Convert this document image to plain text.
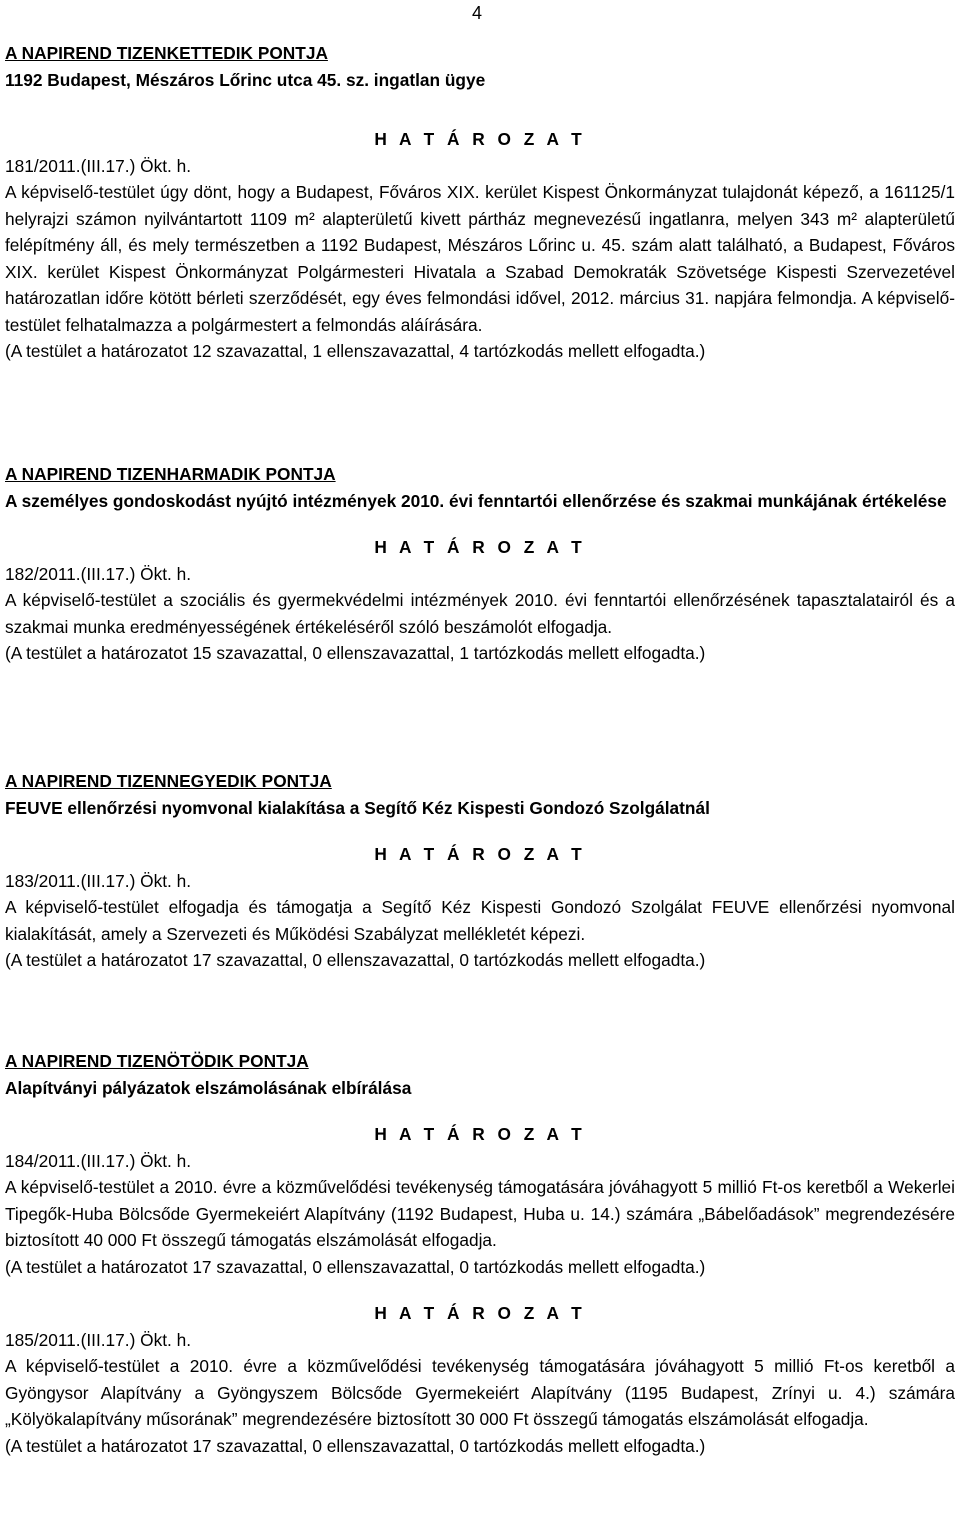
4
A NAPIREND TIZENKETTEDIK PONTJA
1192 Budapest, Mészáros Lőrinc utca 45. sz. ingatlan ügye
H A T Á R O Z A T
181/2011.(III.17.) Ökt. h.

A képviselő-testület úgy dönt, hogy a Budapest, Főváros XIX. kerület Kispest Önkormányzat tulajdonát képező, a 161125/1 helyrajzi számon nyilvántartott 1109 m² alapterületű kivett pártház megnevezésű ingatlanra, melyen 343 m² alapterületű felépítmény áll, és mely természetben a 1192 Budapest, Mészáros Lőrinc u. 45. szám alatt található, a Budapest, Főváros XIX. kerület Kispest Önkormányzat Polgármesteri Hivatala a Szabad Demokraták Szövetsége Kispesti Szervezetével határozatlan időre kötött bérleti szerződését, egy éves felmondási idővel, 2012. március 31. napjára felmondja. A képviselő-testület felhatalmazza a polgármestert a felmondás aláírására.

(A testület a határozatot 12 szavazattal, 1 ellenszavazattal, 4 tartózkodás mellett elfogadta.)

A NAPIREND TIZENHARMADIK PONTJA
A személyes gondoskodást nyújtó intézmények 2010. évi fenntartói ellenőrzése és szakmai munkájának értékelése
H A T Á R O Z A T
182/2011.(III.17.) Ökt. h.

A képviselő-testület a szociális és gyermekvédelmi intézmények 2010. évi fenntartói ellenőrzésének tapasztalatairól és a szakmai munka eredményességének értékeléséről szóló beszámolót elfogadja.

(A testület a határozatot 15 szavazattal, 0 ellenszavazattal, 1 tartózkodás mellett elfogadta.)

A NAPIREND TIZENNEGYEDIK PONTJA
FEUVE ellenőrzési nyomvonal kialakítása a Segítő Kéz Kispesti Gondozó Szolgálatnál
H A T Á R O Z A T
183/2011.(III.17.) Ökt. h.

A képviselő-testület elfogadja és támogatja a Segítő Kéz Kispesti Gondozó Szolgálat FEUVE ellenőrzési nyomvonal kialakítását, amely a Szervezeti és Működési Szabályzat mellékletét képezi.

(A testület a határozatot 17 szavazattal, 0 ellenszavazattal, 0 tartózkodás mellett elfogadta.)

A NAPIREND TIZENÖTÖDIK PONTJA
Alapítványi pályázatok elszámolásának elbírálása
H A T Á R O Z A T
184/2011.(III.17.) Ökt. h.

A képviselő-testület a 2010. évre a közművelődési tevékenység támogatására jóváhagyott 5 millió Ft-os keretből a Wekerlei Tipegők-Huba Bölcsőde Gyermekeiért Alapítvány (1192 Budapest, Huba u. 14.) számára „Bábelőadások” megrendezésére biztosított 40 000 Ft összegű támogatás elszámolását elfogadja.

(A testület a határozatot 17 szavazattal, 0 ellenszavazattal, 0 tartózkodás mellett elfogadta.)

H A T Á R O Z A T
185/2011.(III.17.) Ökt. h.

A képviselő-testület a 2010. évre a közművelődési tevékenység támogatására jóváhagyott 5 millió Ft-os keretből a Gyöngysor Alapítvány a Gyöngyszem Bölcsőde Gyermekeiért Alapítvány (1195 Budapest, Zrínyi u. 4.) számára „Kölyökalapítvány műsorának” megrendezésére biztosított 30 000 Ft összegű támogatás elszámolását elfogadja.

(A testület a határozatot 17 szavazattal, 0 ellenszavazattal, 0 tartózkodás mellett elfogadta.)
